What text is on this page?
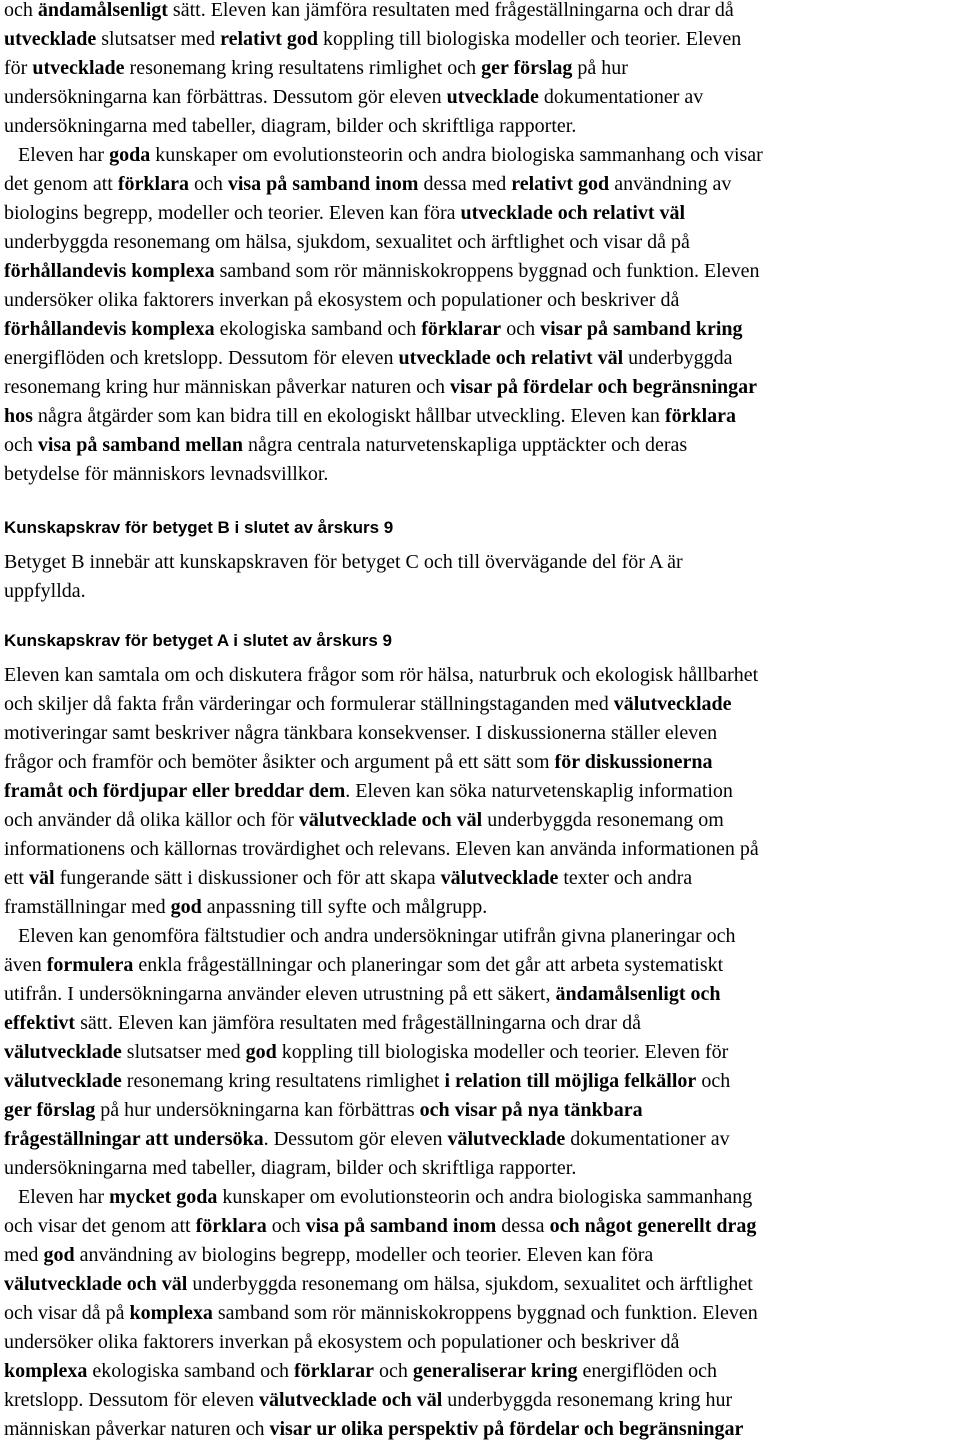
och ändamålsenligt sätt. Eleven kan jämföra resultaten med frågeställningarna och drar då
utvecklade slutsatser med relativt god koppling till biologiska modeller och teorier. Eleven
för utvecklade resonemang kring resultatens rimlighet och ger förslag på hur
undersökningarna kan förbättras. Dessutom gör eleven utvecklade dokumentationer av
undersökningarna med tabeller, diagram, bilder och skriftliga rapporter.
Eleven har goda kunskaper om evolutionsteorin och andra biologiska sammanhang och visar
det genom att förklara och visa på samband inom dessa med relativt god användning av
biologins begrepp, modeller och teorier. Eleven kan föra utvecklade och relativt väl
underbyggda resonemang om hälsa, sjukdom, sexualitet och ärftlighet och visar då på
förhållandevis komplexa samband som rör människokroppens byggnad och funktion. Eleven
undersöker olika faktorers inverkan på ekosystem och populationer och beskriver då
förhållandevis komplexa ekologiska samband och förklarar och visar på samband kring
energiflöden och kretslopp. Dessutom för eleven utvecklade och relativt väl underbyggda
resonemang kring hur människan påverkar naturen och visar på fördelar och begränsningar
hos några åtgärder som kan bidra till en ekologiskt hållbar utveckling. Eleven kan förklara
och visa på samband mellan några centrala naturvetenskapliga upptäckter och deras
betydelse för människors levnadsvillkor.
Kunskapskrav för betyget B i slutet av årskurs 9
Betyget B innebär att kunskapskraven för betyget C och till övervägande del för A är
uppfyllda.
Kunskapskrav för betyget A i slutet av årskurs 9
Eleven kan samtala om och diskutera frågor som rör hälsa, naturbruk och ekologisk hållbarhet
och skiljer då fakta från värderingar och formulerar ställningstaganden med välutvecklade
motiveringar samt beskriver några tänkbara konsekvenser. I diskussionerna ställer eleven
frågor och framför och bemöter åsikter och argument på ett sätt som för diskussionerna
framåt och fördjupar eller breddar dem. Eleven kan söka naturvetenskaplig information
och använder då olika källor och för välutvecklade och väl underbyggda resonemang om
informationens och källornas trovärdighet och relevans. Eleven kan använda informationen på
ett väl fungerande sätt i diskussioner och för att skapa välutvecklade texter och andra
framställningar med god anpassning till syfte och målgrupp.
Eleven kan genomföra fältstudier och andra undersökningar utifrån givna planeringar och
även formulera enkla frågeställningar och planeringar som det går att arbeta systematiskt
utifrån. I undersökningarna använder eleven utrustning på ett säkert, ändamålsenligt och
effektivt sätt. Eleven kan jämföra resultaten med frågeställningarna och drar då
välutvecklade slutsatser med god koppling till biologiska modeller och teorier. Eleven för
välutvecklade resonemang kring resultatens rimlighet i relation till möjliga felkällor och
ger förslag på hur undersökningarna kan förbättras och visar på nya tänkbara
frågeställningar att undersöka. Dessutom gör eleven välutvecklade dokumentationer av
undersökningarna med tabeller, diagram, bilder och skriftliga rapporter.
Eleven har mycket goda kunskaper om evolutionsteorin och andra biologiska sammanhang
och visar det genom att förklara och visa på samband inom dessa och något generellt drag
med god användning av biologins begrepp, modeller och teorier. Eleven kan föra
välutvecklade och väl underbyggda resonemang om hälsa, sjukdom, sexualitet och ärftlighet
och visar då på komplexa samband som rör människokroppens byggnad och funktion. Eleven
undersöker olika faktorers inverkan på ekosystem och populationer och beskriver då
komplexa ekologiska samband och förklarar och generaliserar kring energiflöden och
kretslopp. Dessutom för eleven välutvecklade och väl underbyggda resonemang kring hur
människan påverkar naturen och visar ur olika perspektiv på fördelar och begränsningar
